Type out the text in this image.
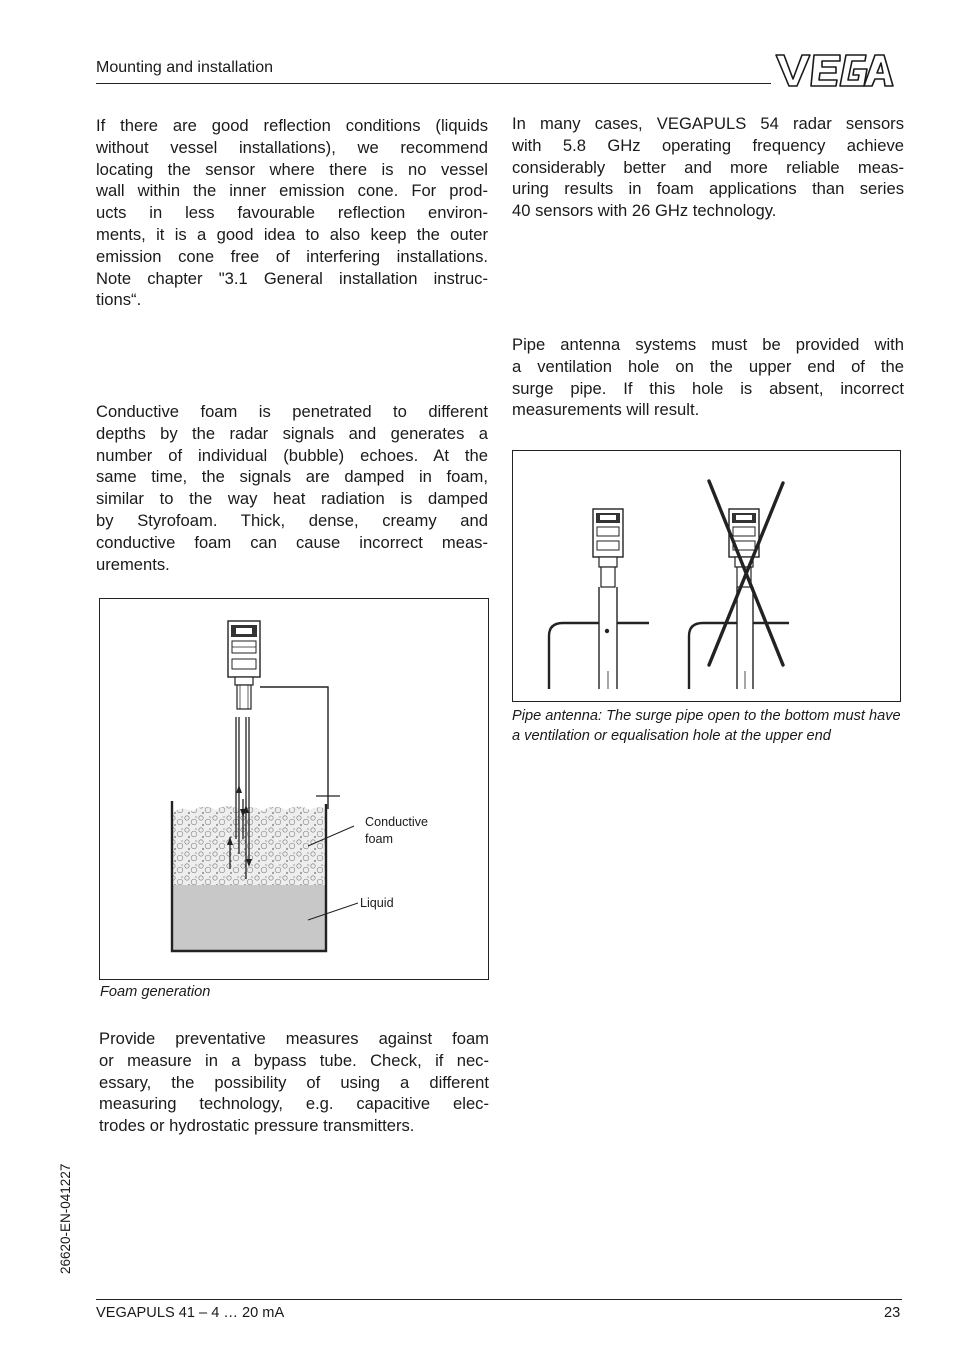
Mounting and installation
If there are good reflection conditions (liquids
without vessel installations), we recommend
locating the sensor where there is no vessel
wall within the inner emission cone. For prod-
ucts in less favourable reflection environ-
ments, it is a good idea to also keep the outer
emission cone free of interfering installations.
Note chapter "3.1 General installation instruc-
tions“.
Conductive foam is penetrated to different
depths by the radar signals and generates a
number of individual (bubble) echoes. At the
same time, the signals are damped in foam,
similar to the way heat radiation is damped
by Styrofoam. Thick, dense, creamy and
conductive foam can cause incorrect meas-
urements.
Conductive foam
Liquid
Foam generation
Provide preventative measures against foam
or measure in a bypass tube. Check, if nec-
essary, the possibility of using a different
measuring technology, e.g. capacitive elec-
trodes or hydrostatic pressure transmitters.
In many cases, VEGAPULS 54 radar sensors
with 5.8 GHz operating frequency achieve
considerably better and more reliable meas-
uring results in foam applications than series
40 sensors with 26 GHz technology.
Pipe antenna systems must be provided with
a ventilation hole on the upper end of the
surge pipe. If this hole is absent, incorrect
measurements will result.
Pipe antenna: The surge pipe open to the bottom must have a ventilation or equalisation hole at the upper end
26620-EN-041227
VEGAPULS 41 – 4 … 20 mA	23
